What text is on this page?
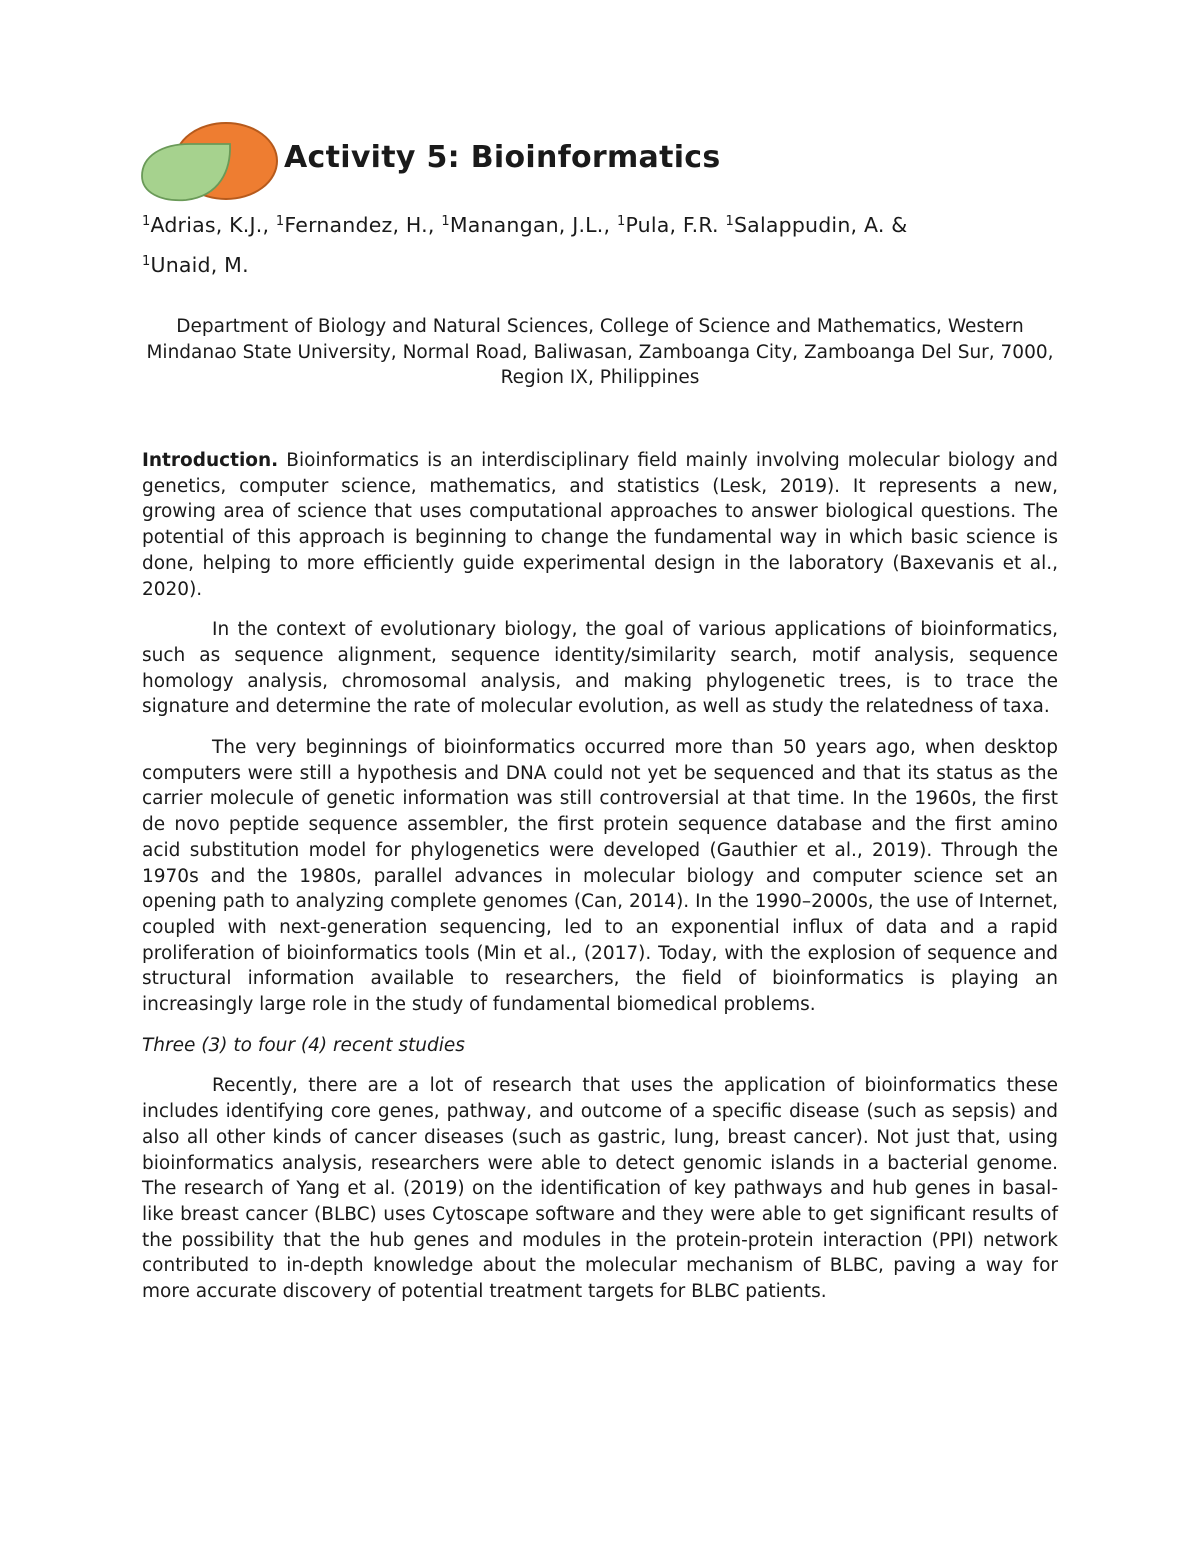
Activity 5: Bioinformatics
$^1$Adrias, K.J., $^1$Fernandez, H., $^1$Manangan, J.L., $^1$Pula, F.R. $^1$Salappudin, A. &
$^1$Unaid, M.
Department of Biology and Natural Sciences, College of Science and Mathematics, Western Mindanao State University, Normal Road, Baliwasan, Zamboanga City, Zamboanga Del Sur, 7000, Region IX, Philippines

Introduction. Bioinformatics is an interdisciplinary field mainly involving molecular biology and genetics, computer science, mathematics, and statistics (Lesk, 2019). It represents a new, growing area of science that uses computational approaches to answer biological questions. The potential of this approach is beginning to change the fundamental way in which basic science is done, helping to more efficiently guide experimental design in the laboratory (Baxevanis et al., 2020).

In the context of evolutionary biology, the goal of various applications of bioinformatics, such as sequence alignment, sequence identity/similarity search, motif analysis, sequence homology analysis, chromosomal analysis, and making phylogenetic trees, is to trace the signature and determine the rate of molecular evolution, as well as study the relatedness of taxa.

The very beginnings of bioinformatics occurred more than 50 years ago, when desktop computers were still a hypothesis and DNA could not yet be sequenced and that its status as the carrier molecule of genetic information was still controversial at that time. In the 1960s, the first de novo peptide sequence assembler, the first protein sequence database and the first amino acid substitution model for phylogenetics were developed (Gauthier et al., 2019). Through the 1970s and the 1980s, parallel advances in molecular biology and computer science set an opening path to analyzing complete genomes (Can, 2014). In the 1990–2000s, the use of Internet, coupled with next-generation sequencing, led to an exponential influx of data and a rapid proliferation of bioinformatics tools (Min et al., (2017). Today, with the explosion of sequence and structural information available to researchers, the field of bioinformatics is playing an increasingly large role in the study of fundamental biomedical problems.

Three (3) to four (4) recent studies

Recently, there are a lot of research that uses the application of bioinformatics these includes identifying core genes, pathway, and outcome of a specific disease (such as sepsis) and also all other kinds of cancer diseases (such as gastric, lung, breast cancer). Not just that, using bioinformatics analysis, researchers were able to detect genomic islands in a bacterial genome. The research of Yang et al. (2019) on the identification of key pathways and hub genes in basal-like breast cancer (BLBC) uses Cytoscape software and they were able to get significant results of the possibility that the hub genes and modules in the protein-protein interaction (PPI) network contributed to in-depth knowledge about the molecular mechanism of BLBC, paving a way for more accurate discovery of potential treatment targets for BLBC patients.
